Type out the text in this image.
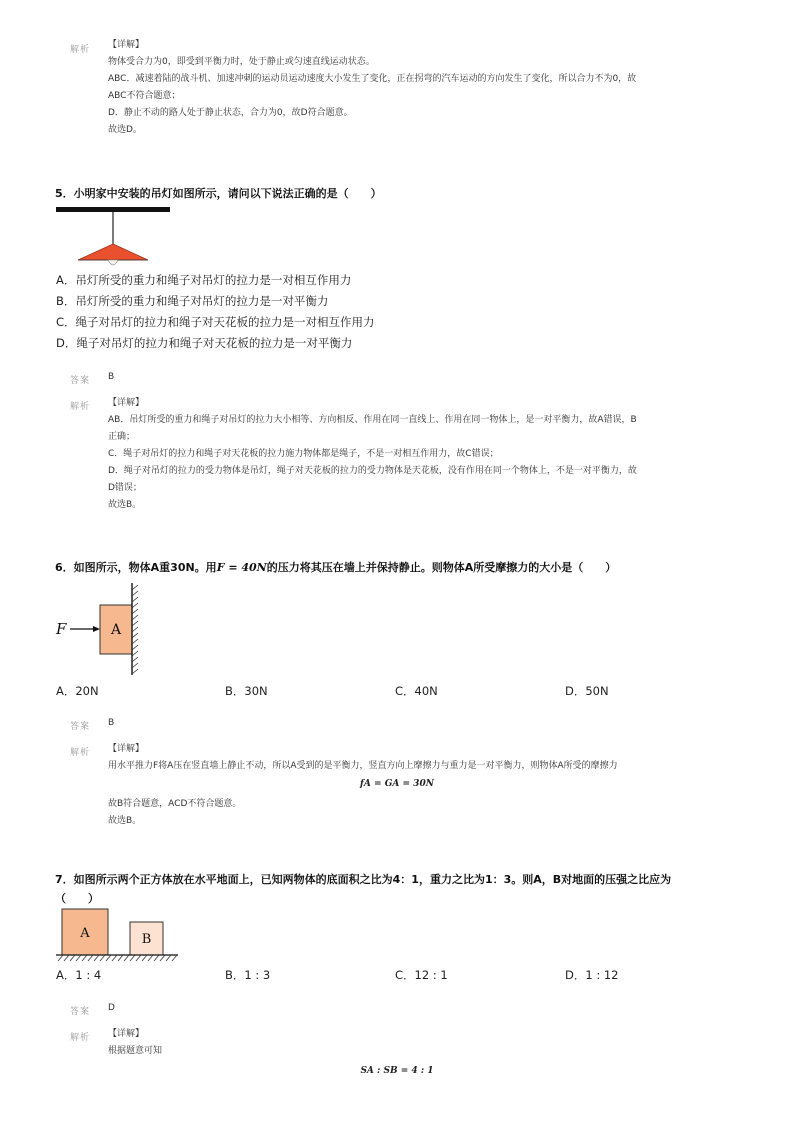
解析 【详解】
物体受合力为0，即受到平衡力时，处于静止或匀速直线运动状态。
ABC．减速着陆的战斗机、加速冲刺的运动员运动速度大小发生了变化，正在拐弯的汽车运动的方向发生了变化，所以合力不为0，故
ABC不符合题意；
D．静止不动的路人处于静止状态，合力为0，故D符合题意。
故选D。
5．小明家中安装的吊灯如图所示，请问以下说法正确的是（　　）
A．吊灯所受的重力和绳子对吊灯的拉力是一对相互作用力
B．吊灯所受的重力和绳子对吊灯的拉力是一对平衡力
C．绳子对吊灯的拉力和绳子对天花板的拉力是一对相互作用力
D．绳子对吊灯的拉力和绳子对天花板的拉力是一对平衡力
答案 B
解析 【详解】
AB．吊灯所受的重力和绳子对吊灯的拉力大小相等、方向相反、作用在同一直线上、作用在同一物体上，是一对平衡力，故A错误，B
正确；
C．绳子对吊灯的拉力和绳子对天花板的拉力施力物体都是绳子，不是一对相互作用力，故C错误；
D．绳子对吊灯的拉力的受力物体是吊灯，绳子对天花板的拉力的受力物体是天花板，没有作用在同一个物体上，不是一对平衡力，故
D错误；
故选B。
6．如图所示，物体A重30N。用F = 40N的压力将其压在墙上并保持静止。则物体A所受摩擦力的大小是（　　）
F	A
A．20N	B．30N	C．40N	D．50N
答案 B
解析 【详解】
用水平推力F将A压在竖直墙上静止不动，所以A受到的是平衡力，竖直方向上摩擦力与重力是一对平衡力，则物体A所受的摩擦力
fA = GA = 30N
故B符合题意，ACD不符合题意。
故选B。
7．如图所示两个正方体放在水平地面上，已知两物体的底面积之比为4：1，重力之比为1：3。则A，B对地面的压强之比应为
（　　）
A	B
A．1 : 4	B．1 : 3	C．12 : 1	D．1 : 12
答案 D
解析 【详解】
根据题意可知
SA : SB = 4 : 1
